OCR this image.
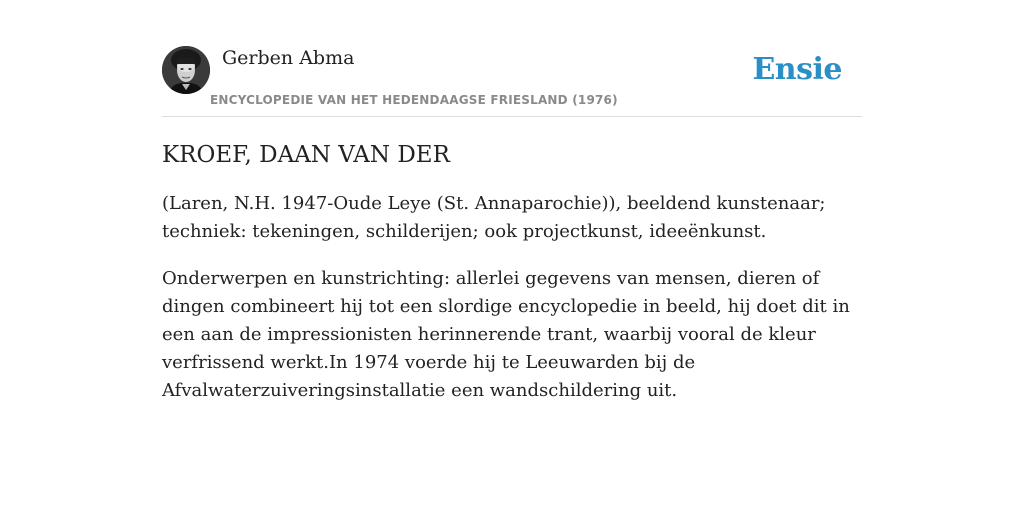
Gerben Abma
ENCYCLOPEDIE VAN HET HEDENDAAGSE FRIESLAND (1976)
Ensie
KROEF, DAAN VAN DER

(Laren, N.H. 1947-Oude Leye (St. Annaparochie)), beeldend kunstenaar; techniek: tekeningen, schilderijen; ook projectkunst, ideeënkunst.

Onderwerpen en kunstrichting: allerlei gegevens van mensen, dieren of dingen combineert hij tot een slordige encyclopedie in beeld, hij doet dit in een aan de impressionisten herinnerende trant, waarbij vooral de kleur verfrissend werkt.In 1974 voerde hij te Leeuwarden bij de Afvalwaterzuiveringsinstallatie een wandschildering uit.
